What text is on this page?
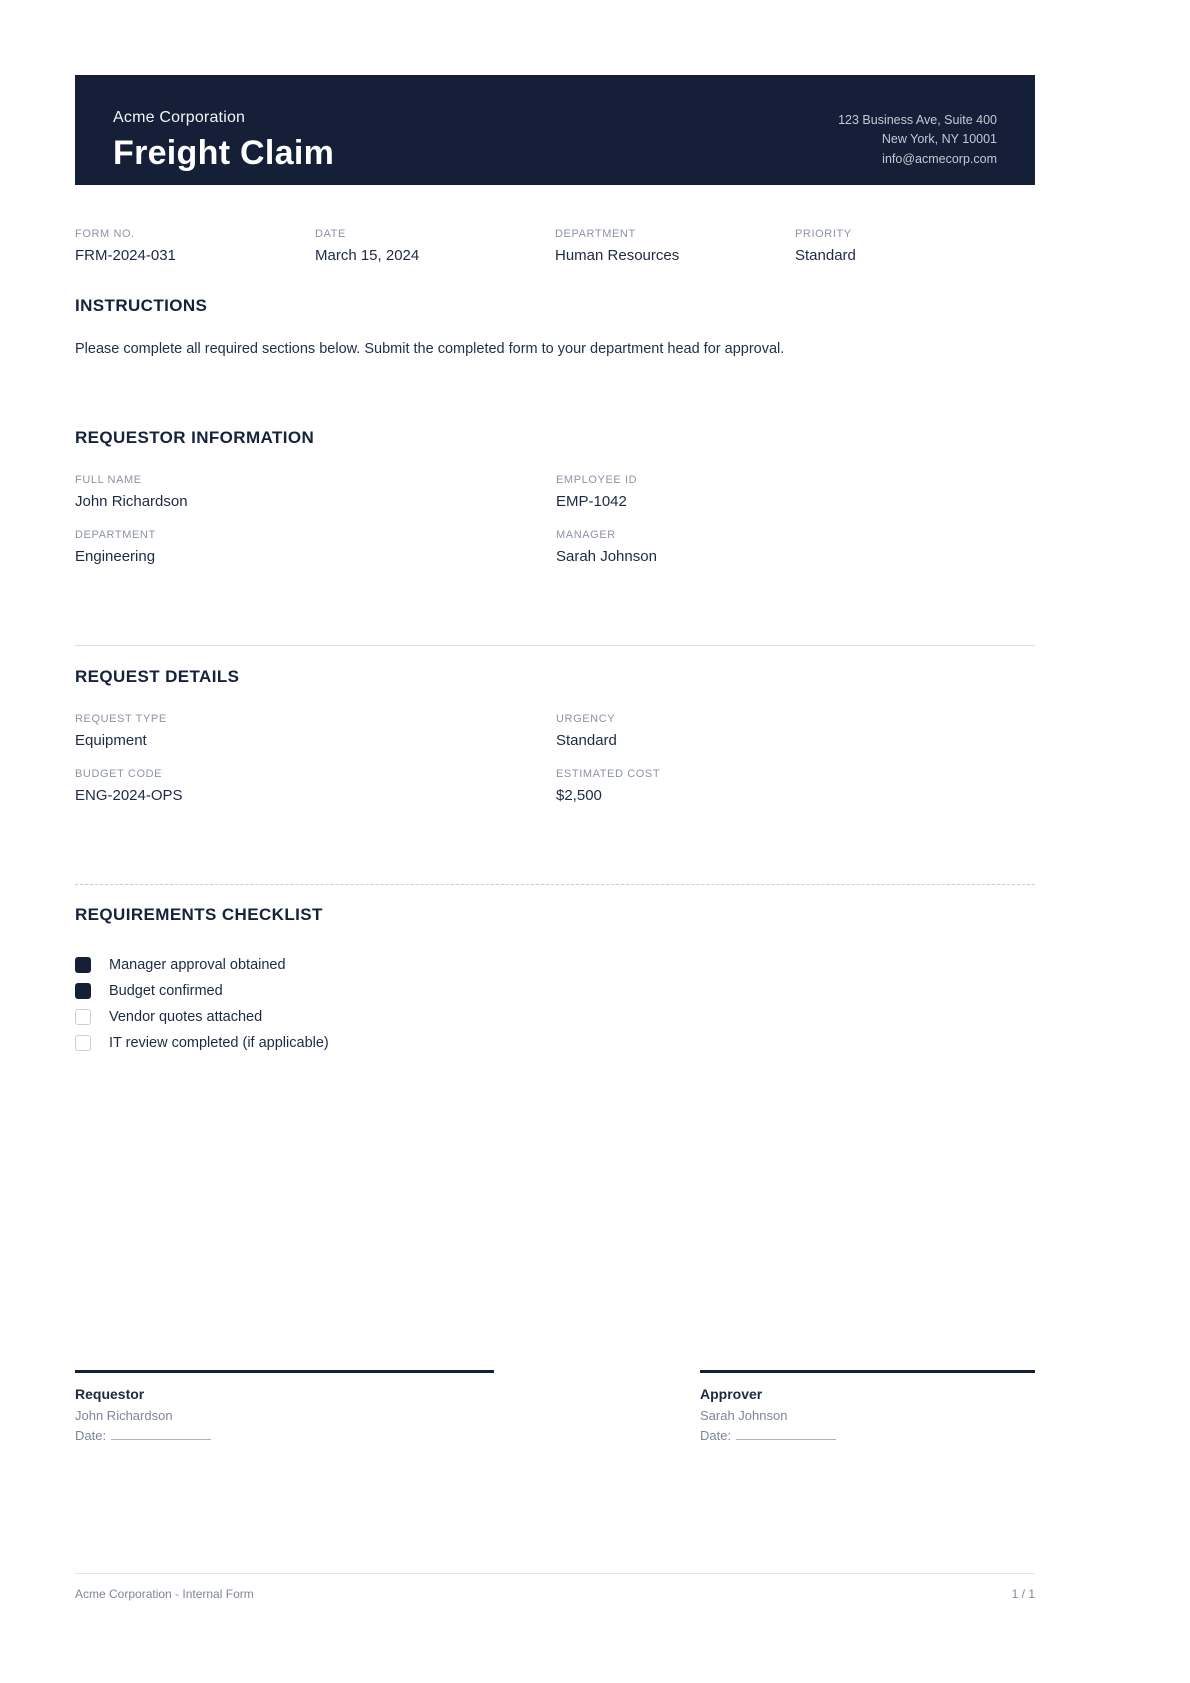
Acme Corporation
Freight Claim
123 Business Ave, Suite 400
New York, NY 10001
info@acmecorp.com
FORM NO.
FRM-2024-031
DATE
March 15, 2024
DEPARTMENT
Human Resources
PRIORITY
Standard
INSTRUCTIONS
Please complete all required sections below. Submit the completed form to your department head for approval.
REQUESTOR INFORMATION
FULL NAME
John Richardson
EMPLOYEE ID
EMP-1042
DEPARTMENT
Engineering
MANAGER
Sarah Johnson
REQUEST DETAILS
REQUEST TYPE
Equipment
URGENCY
Standard
BUDGET CODE
ENG-2024-OPS
ESTIMATED COST
$2,500
REQUIREMENTS CHECKLIST
Manager approval obtained
Budget confirmed
Vendor quotes attached
IT review completed (if applicable)
Requestor
John Richardson
Date:
Approver
Sarah Johnson
Date:
Acme Corporation - Internal Form	1 / 1
